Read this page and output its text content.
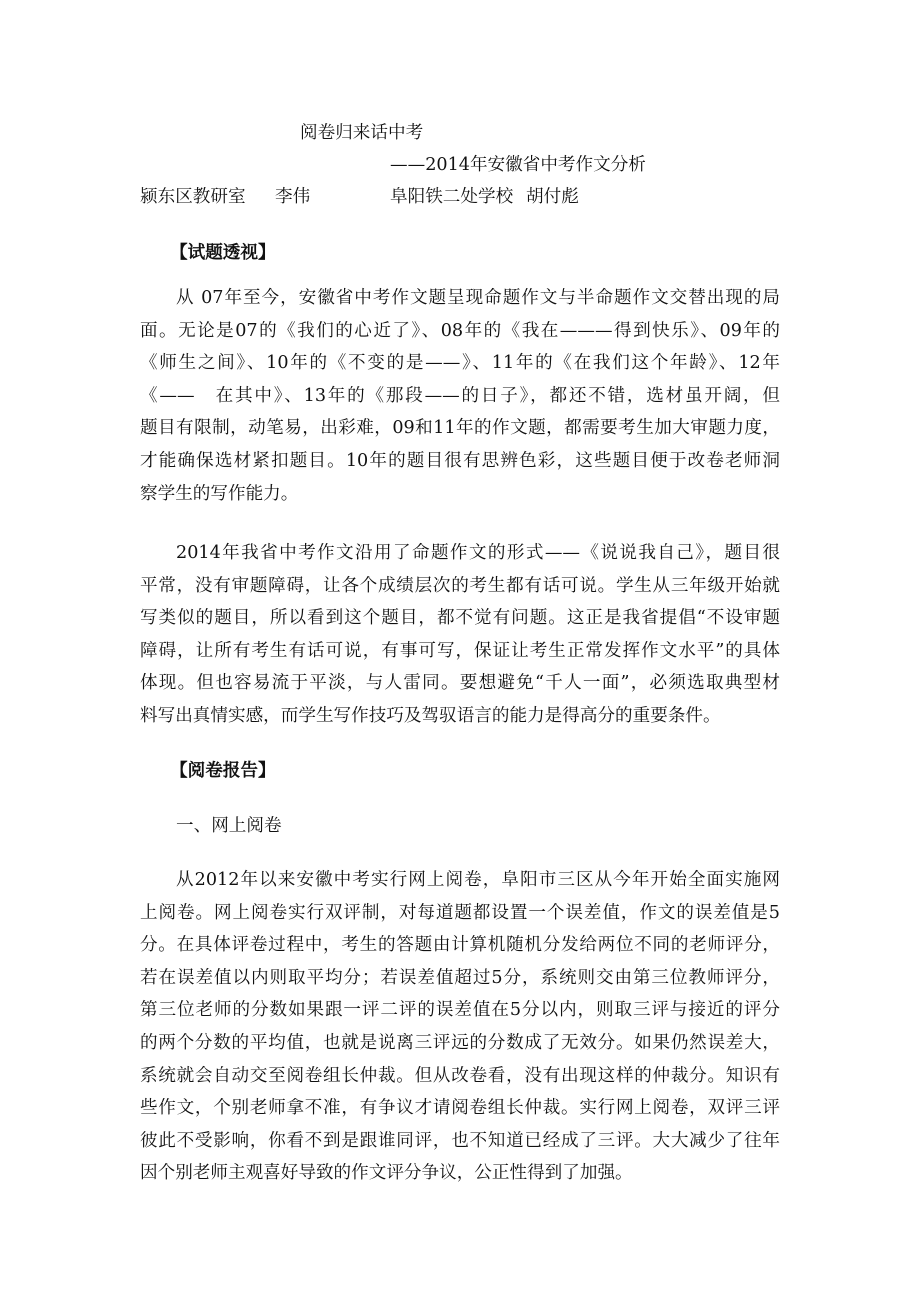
阅卷归来话中考
——2014年安徽省中考作文分析
颍东区教研室 李伟	阜阳铁二处学校 胡付彪
【试题透视】
【阅卷报告】
一、网上阅卷
从 07年至今，安徽省中考作文题呈现命题作文与半命题作文交替出现的局
面。无论是07的《我们的心近了》、08年的《我在———得到快乐》、09年的
《师生之间》、10年的《不变的是——》、11年的《在我们这个年龄》、12年
《——　在其中》、13年的《那段——的日子》，都还不错，选材虽开阔，但
题目有限制，动笔易，出彩难，09和11年的作文题，都需要考生加大审题力度，
才能确保选材紧扣题目。10年的题目很有思辨色彩，这些题目便于改卷老师洞
察学生的写作能力。
2014年我省中考作文沿用了命题作文的形式——《说说我自己》，题目很
平常，没有审题障碍，让各个成绩层次的考生都有话可说。学生从三年级开始就
写类似的题目，所以看到这个题目，都不觉有问题。这正是我省提倡“不设审题
障碍，让所有考生有话可说，有事可写，保证让考生正常发挥作文水平”的具体
体现。但也容易流于平淡，与人雷同。要想避免“千人一面”，必须选取典型材
料写出真情实感，而学生写作技巧及驾驭语言的能力是得高分的重要条件。
从2012年以来安徽中考实行网上阅卷，阜阳市三区从今年开始全面实施网
上阅卷。网上阅卷实行双评制，对每道题都设置一个误差值，作文的误差值是5
分。在具体评卷过程中，考生的答题由计算机随机分发给两位不同的老师评分，
若在误差值以内则取平均分；若误差值超过5分，系统则交由第三位教师评分，
第三位老师的分数如果跟一评二评的误差值在5分以内，则取三评与接近的评分
的两个分数的平均值，也就是说离三评远的分数成了无效分。如果仍然误差大，
系统就会自动交至阅卷组长仲裁。但从改卷看，没有出现这样的仲裁分。知识有
些作文，个别老师拿不准，有争议才请阅卷组长仲裁。实行网上阅卷，双评三评
彼此不受影响，你看不到是跟谁同评，也不知道已经成了三评。大大减少了往年
因个别老师主观喜好导致的作文评分争议，公正性得到了加强。
